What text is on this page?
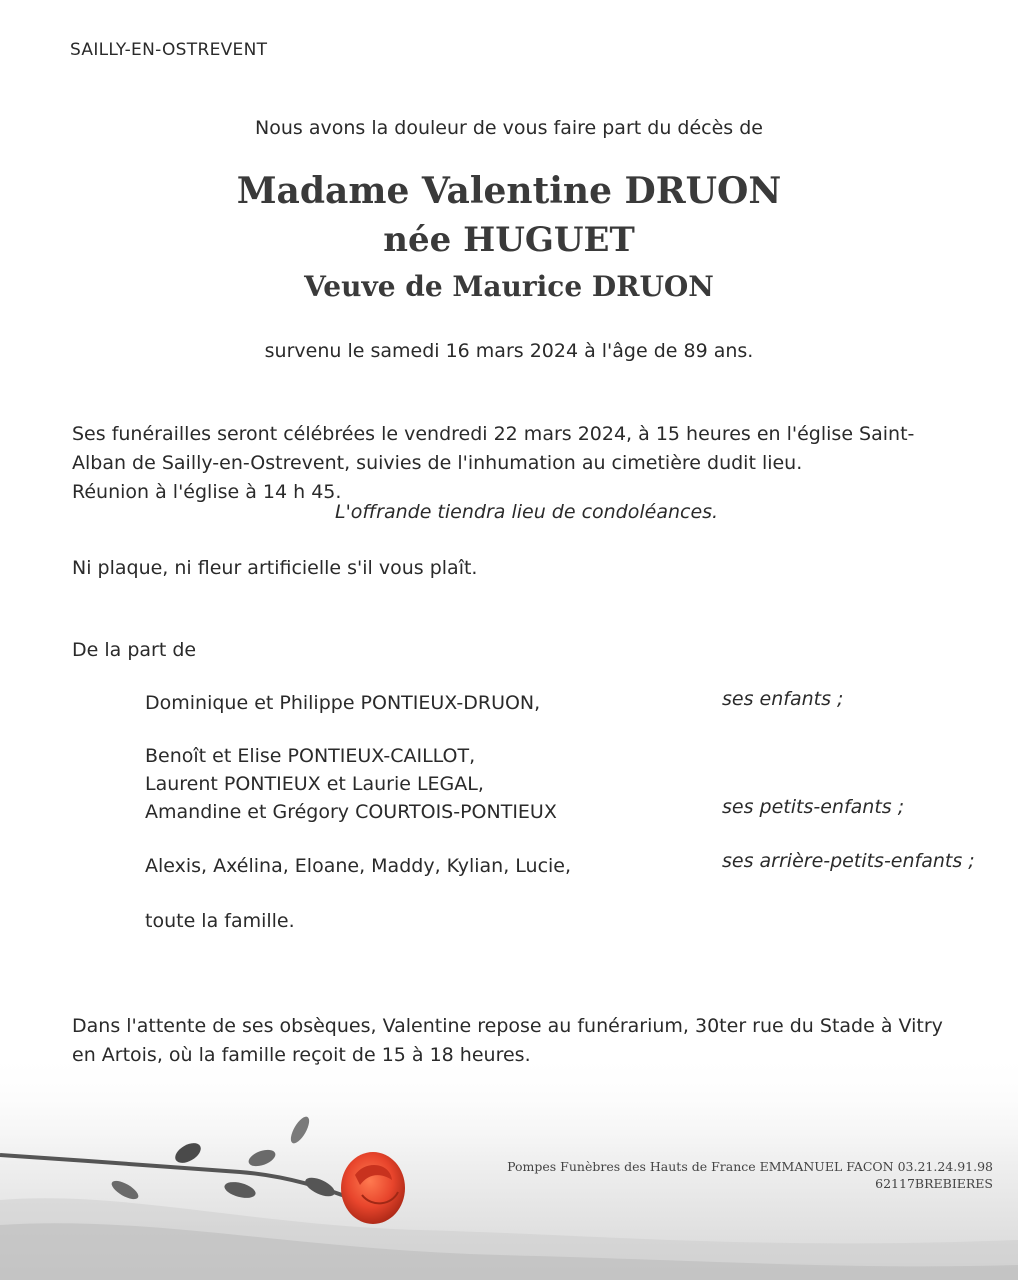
SAILLY-EN-OSTREVENT
Nous avons la douleur de vous faire part du décès de
Madame Valentine DRUON
née HUGUET
Veuve de Maurice DRUON
survenu le samedi 16 mars 2024 à l'âge de 89 ans.
Ses funérailles seront célébrées le vendredi 22 mars 2024, à 15 heures en l'église Saint-Alban de Sailly-en-Ostrevent, suivies de l'inhumation au cimetière dudit lieu.
Réunion à l'église à 14 h 45.
L'offrande tiendra lieu de condoléances.
Ni plaque, ni fleur artificielle s'il vous plaît.
De la part de
Dominique et Philippe PONTIEUX-DRUON,	ses enfants ;
Benoît et Elise PONTIEUX-CAILLOT,
Laurent PONTIEUX et Laurie LEGAL,
Amandine et Grégory COURTOIS-PONTIEUX	ses petits-enfants ;
Alexis, Axélina, Eloane, Maddy, Kylian, Lucie,	ses arrière-petits-enfants ;
toute la famille.
Dans l'attente de ses obsèques, Valentine repose au funérarium, 30ter rue du Stade à Vitry en Artois, où la famille reçoit de 15 à 18 heures.
Pompes Funèbres des Hauts de France EMMANUEL FACON 03.21.24.91.98
62117BREBIERES
